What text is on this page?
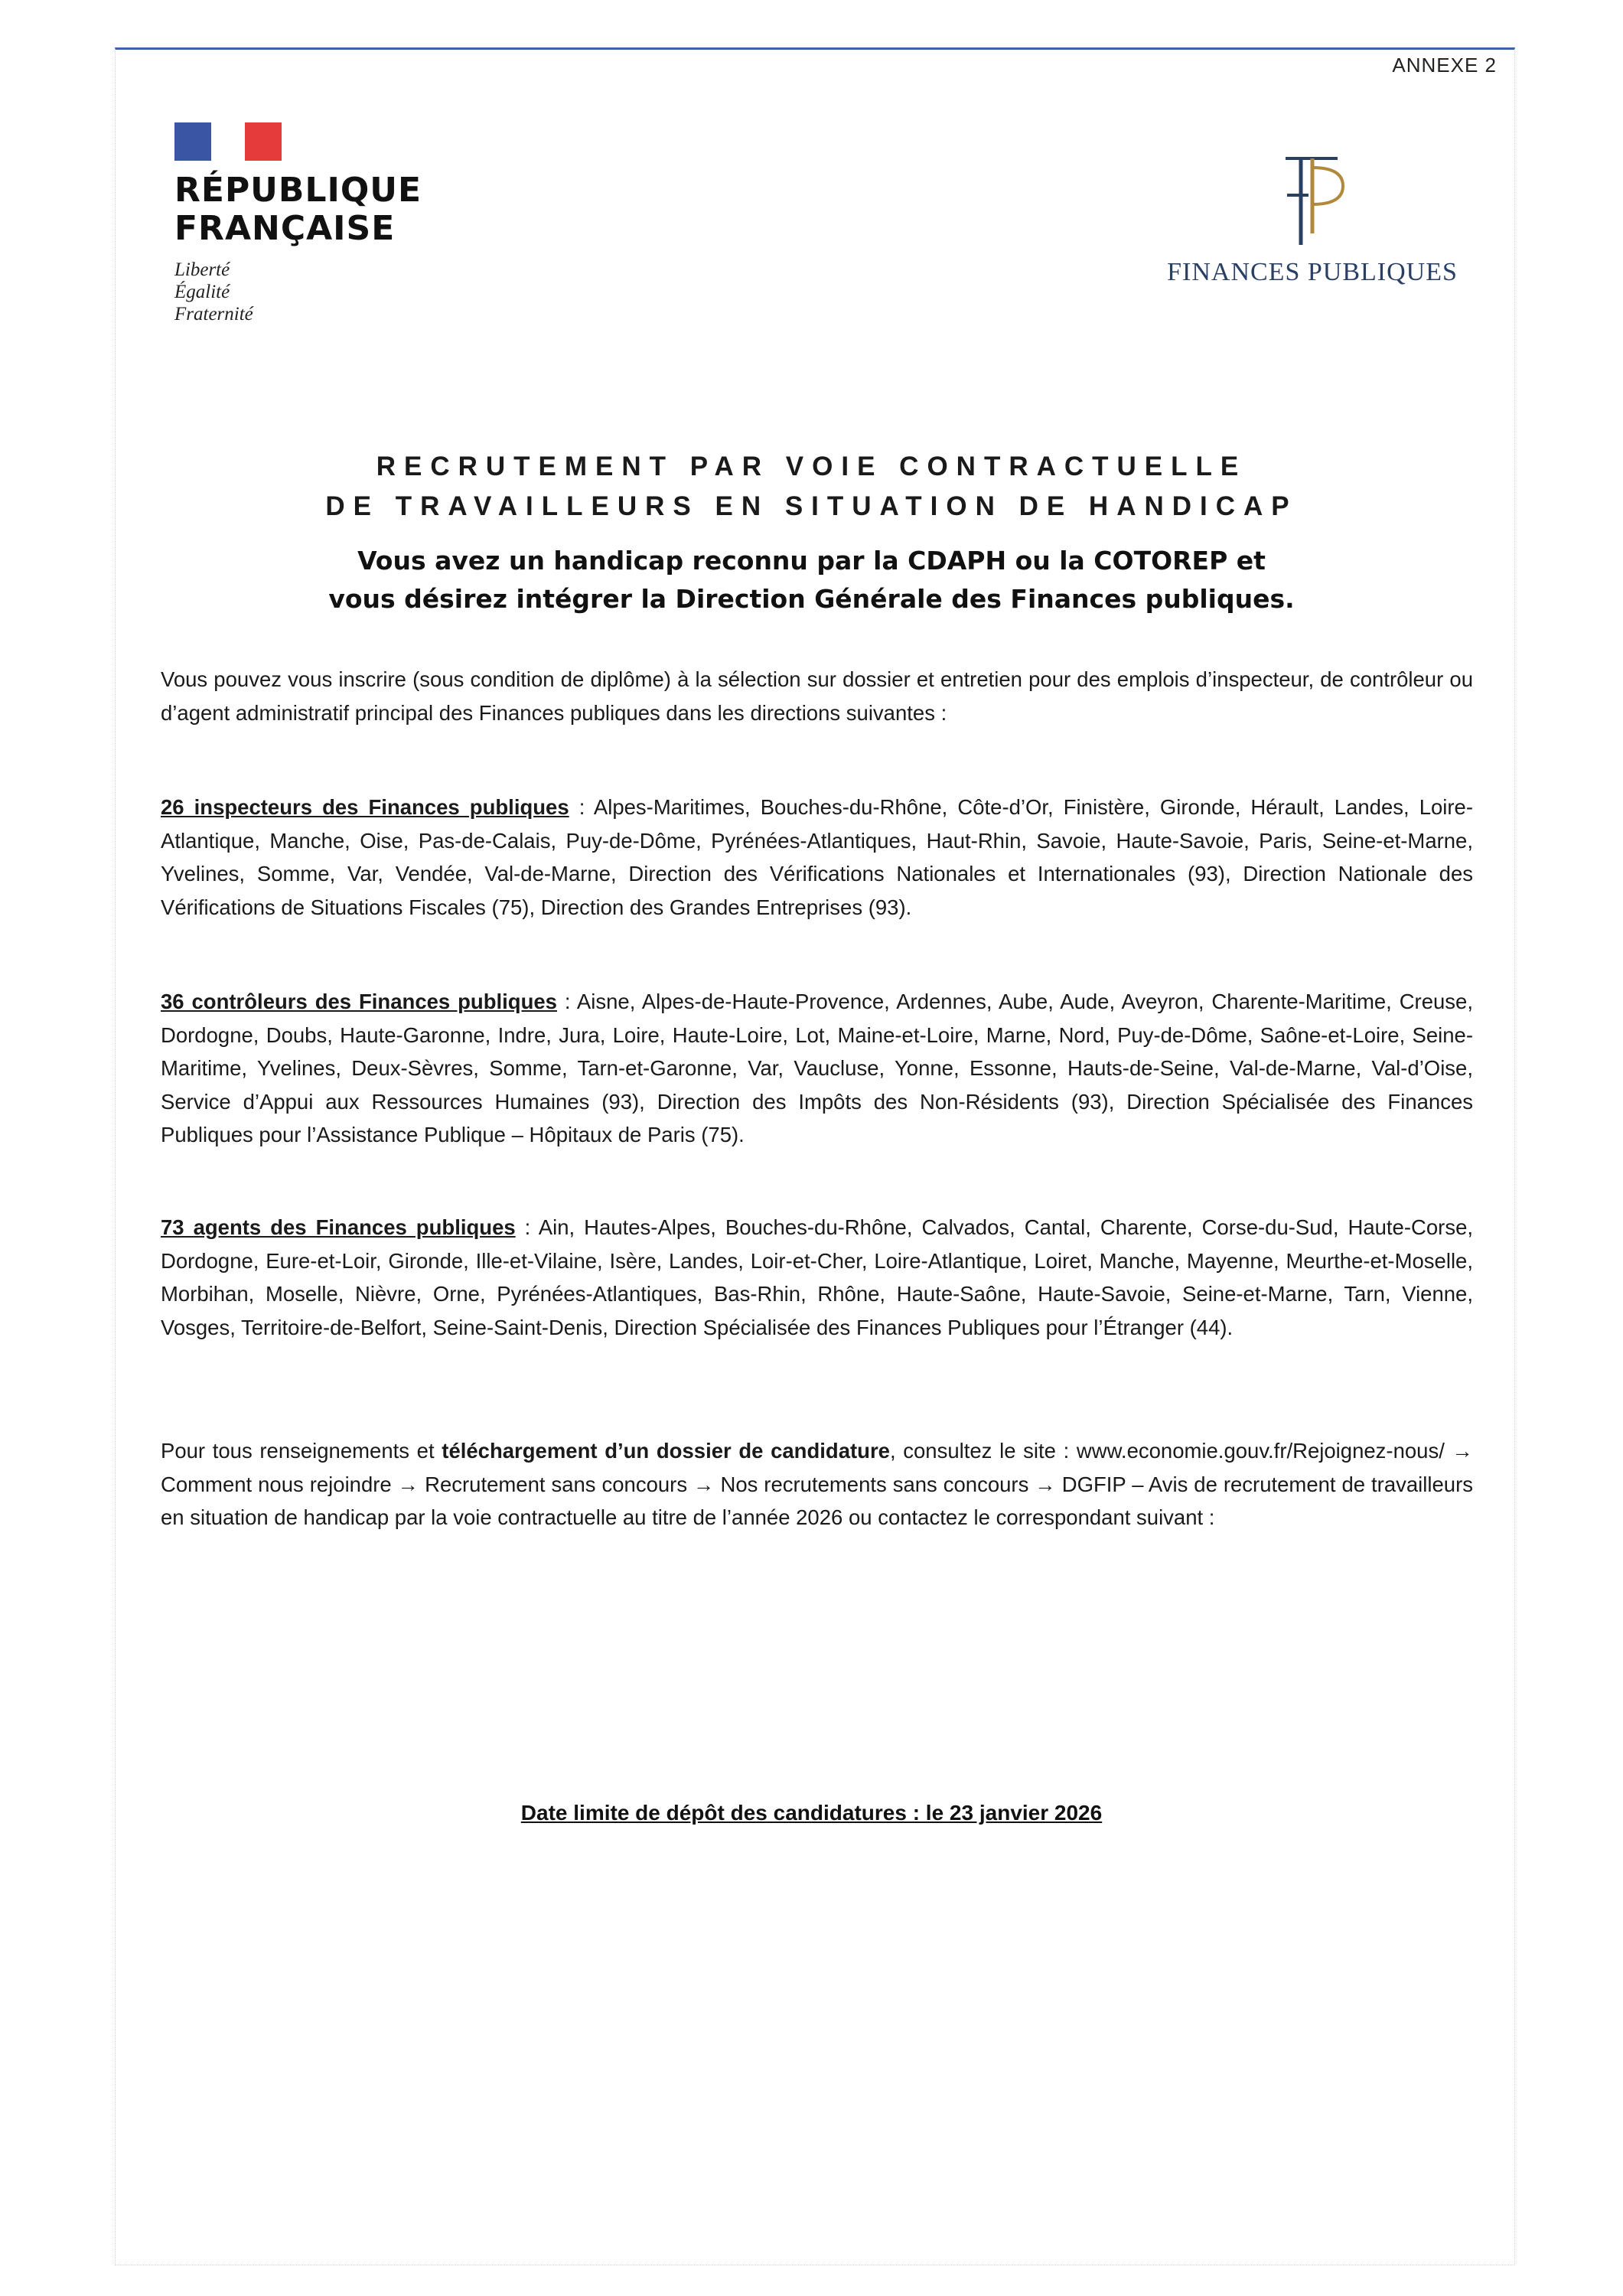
ANNEXE 2
RÉPUBLIQUE
FRANÇAISE
Liberté
Égalité
Fraternité
FINANCES PUBLIQUES
RECRUTEMENT PAR VOIE CONTRACTUELLE
DE TRAVAILLEURS EN SITUATION DE HANDICAP
Vous avez un handicap reconnu par la CDAPH ou la COTOREP et
vous désirez intégrer la Direction Générale des Finances publiques.
Vous pouvez vous inscrire (sous condition de diplôme) à la sélection sur dossier et entretien pour des emplois d’inspecteur, de contrôleur ou d’agent administratif principal des Finances publiques dans les directions suivantes :
26 inspecteurs des Finances publiques : Alpes-Maritimes, Bouches-du-Rhône, Côte-d’Or, Finistère, Gironde, Hérault, Landes, Loire-Atlantique, Manche, Oise, Pas-de-Calais, Puy-de-Dôme, Pyrénées-Atlantiques, Haut-Rhin, Savoie, Haute-Savoie, Paris, Seine-et-Marne, Yvelines, Somme, Var, Vendée, Val-de-Marne, Direction des Vérifications Nationales et Internationales (93), Direction Nationale des Vérifications de Situations Fiscales (75), Direction des Grandes Entreprises (93).
36 contrôleurs des Finances publiques : Aisne, Alpes-de-Haute-Provence, Ardennes, Aube, Aude, Aveyron, Charente-Maritime, Creuse, Dordogne, Doubs, Haute-Garonne, Indre, Jura, Loire, Haute-Loire, Lot, Maine-et-Loire, Marne, Nord, Puy-de-Dôme, Saône-et-Loire, Seine-Maritime, Yvelines, Deux-Sèvres, Somme, Tarn-et-Garonne, Var, Vaucluse, Yonne, Essonne, Hauts-de-Seine, Val-de-Marne, Val-d’Oise, Service d’Appui aux Ressources Humaines (93), Direction des Impôts des Non-Résidents (93), Direction Spécialisée des Finances Publiques pour l’Assistance Publique – Hôpitaux de Paris (75).
73 agents des Finances publiques : Ain, Hautes-Alpes, Bouches-du-Rhône, Calvados, Cantal, Charente, Corse-du-Sud, Haute-Corse, Dordogne, Eure-et-Loir, Gironde, Ille-et-Vilaine, Isère, Landes, Loir-et-Cher, Loire-Atlantique, Loiret, Manche, Mayenne, Meurthe-et-Moselle, Morbihan, Moselle, Nièvre, Orne, Pyrénées-Atlantiques, Bas-Rhin, Rhône, Haute-Saône, Haute-Savoie, Seine-et-Marne, Tarn, Vienne, Vosges, Territoire-de-Belfort, Seine-Saint-Denis, Direction Spécialisée des Finances Publiques pour l’Étranger (44).
Pour tous renseignements et téléchargement d’un dossier de candidature, consultez le site : www.economie.gouv.fr/Rejoignez-nous/ → Comment nous rejoindre → Recrutement sans concours → Nos recrutements sans concours → DGFIP – Avis de recrutement de travailleurs en situation de handicap par la voie contractuelle au titre de l’année 2026 ou contactez le correspondant suivant :
Date limite de dépôt des candidatures : le 23 janvier 2026
